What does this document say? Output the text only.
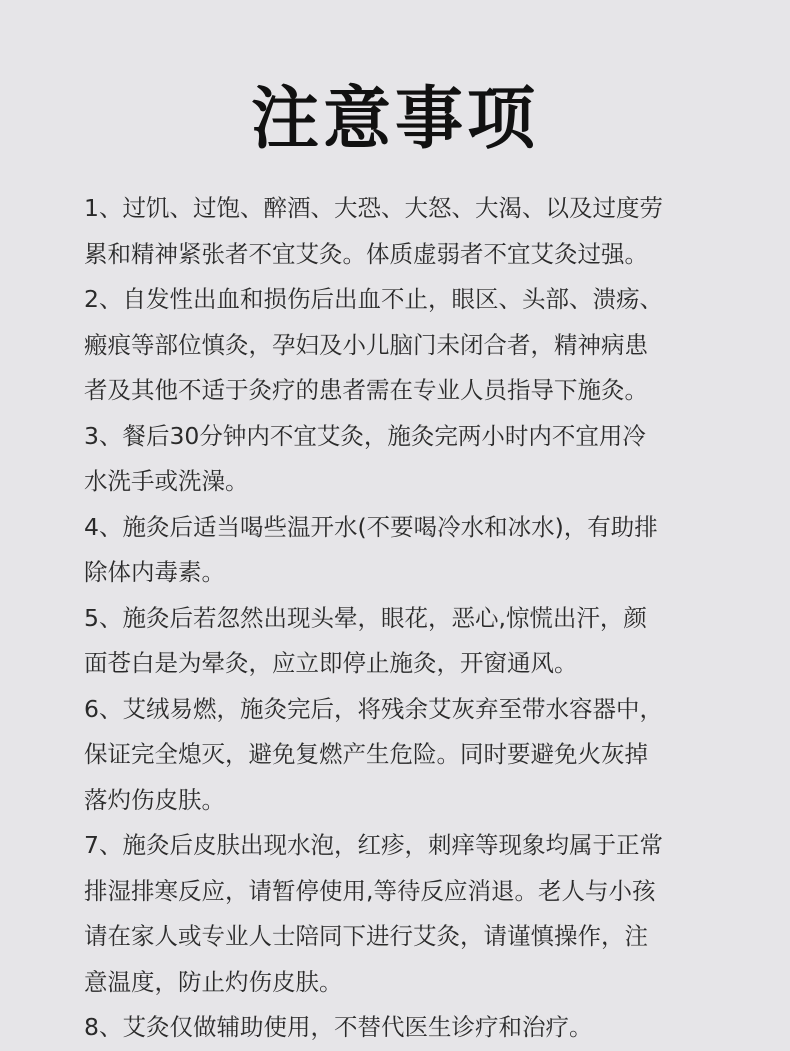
注意事项
1、过饥、过饱、醉酒、大恐、大怒、大渴、以及过度劳
累和精神紧张者不宜艾灸。体质虚弱者不宜艾灸过强。
2、自发性出血和损伤后出血不止，眼区、头部、溃疡、
瘢痕等部位慎灸，孕妇及小儿脑门未闭合者，精神病患
者及其他不适于灸疗的患者需在专业人员指导下施灸。
3、餐后30分钟内不宜艾灸，施灸完两小时内不宜用冷
水洗手或洗澡。
4、施灸后适当喝些温开水(不要喝冷水和冰水)，有助排
除体内毒素。
5、施灸后若忽然出现头晕，眼花，恶心,惊慌出汗，颜
面苍白是为晕灸，应立即停止施灸，开窗通风。
6、艾绒易燃，施灸完后，将残余艾灰弃至带水容器中，
保证完全熄灭，避免复燃产生危险。同时要避免火灰掉
落灼伤皮肤。
7、施灸后皮肤出现水泡，红疹，刺痒等现象均属于正常
排湿排寒反应，请暂停使用,等待反应消退。老人与小孩
请在家人或专业人士陪同下进行艾灸，请谨慎操作，注
意温度，防止灼伤皮肤。
8、艾灸仅做辅助使用，不替代医生诊疗和治疗。
